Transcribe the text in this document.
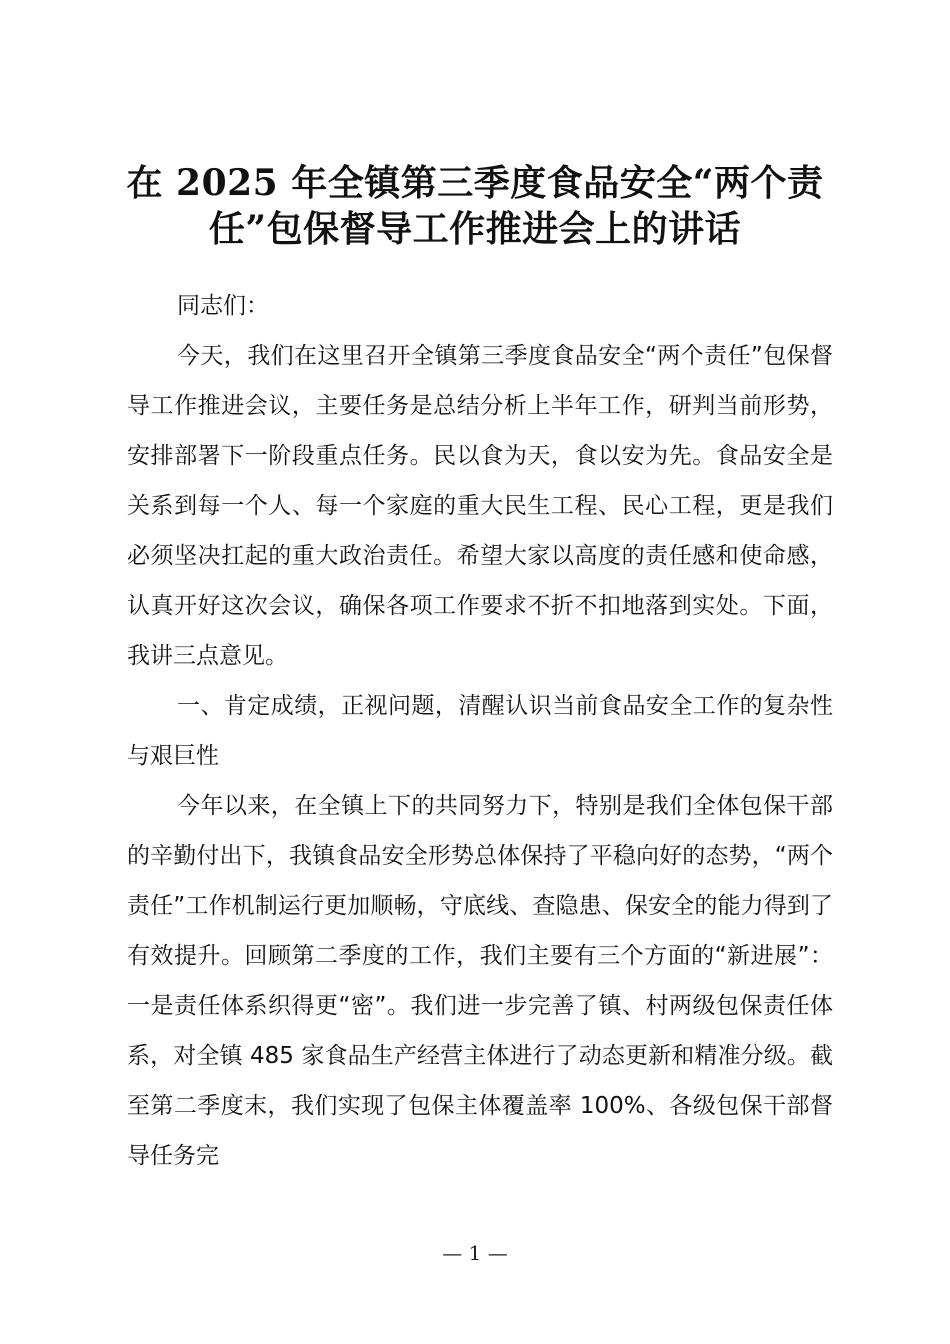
在 2025 年全镇第三季度食品安全“两个责任”包保督导工作推进会上的讲话

同志们：

今天，我们在这里召开全镇第三季度食品安全“两个责任”包保督导工作推进会议，主要任务是总结分析上半年工作，研判当前形势，安排部署下一阶段重点任务。民以食为天，食以安为先。食品安全是关系到每一个人、每一个家庭的重大民生工程、民心工程，更是我们必须坚决扛起的重大政治责任。希望大家以高度的责任感和使命感，认真开好这次会议，确保各项工作要求不折不扣地落到实处。下面，我讲三点意见。

一、肯定成绩，正视问题，清醒认识当前食品安全工作的复杂性与艰巨性

今年以来，在全镇上下的共同努力下，特别是我们全体包保干部的辛勤付出下，我镇食品安全形势总体保持了平稳向好的态势，“两个责任”工作机制运行更加顺畅，守底线、查隐患、保安全的能力得到了有效提升。回顾第二季度的工作，我们主要有三个方面的“新进展”：一是责任体系织得更“密”。我们进一步完善了镇、村两级包保责任体系，对全镇 485 家食品生产经营主体进行了动态更新和精准分级。截至第二季度末，我们实现了包保主体覆盖率 100%、各级包保干部督导任务完

— 1 —
